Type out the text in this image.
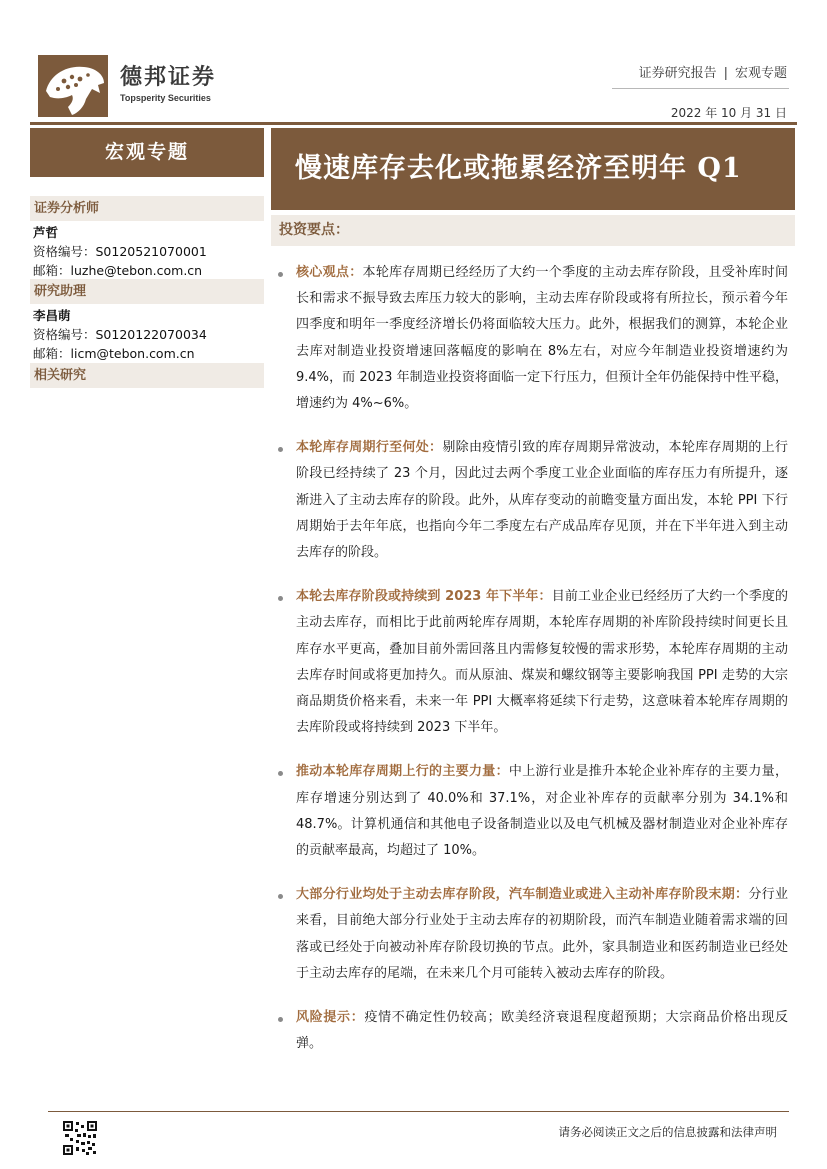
德邦证券
Topsperity Securities
证券研究报告 | 宏观专题
2022 年 10 月 31 日
宏观专题
慢速库存去化或拖累经济至明年 Q1
证券分析师
芦哲
资格编号：S0120521070001
邮箱：luzhe@tebon.com.cn
研究助理
李昌萌
资格编号：S0120122070034
邮箱：licm@tebon.com.cn
相关研究
投资要点：
核心观点：本轮库存周期已经经历了大约一个季度的主动去库存阶段，且受补库时间长和需求不振导致去库压力较大的影响，主动去库存阶段或将有所拉长，预示着今年四季度和明年一季度经济增长仍将面临较大压力。此外，根据我们的测算，本轮企业去库对制造业投资增速回落幅度的影响在 8%左右，对应今年制造业投资增速约为 9.4%，而 2023 年制造业投资将面临一定下行压力，但预计全年仍能保持中性平稳，增速约为 4%~6%。
本轮库存周期行至何处：剔除由疫情引致的库存周期异常波动，本轮库存周期的上行阶段已经持续了 23 个月，因此过去两个季度工业企业面临的库存压力有所提升，逐渐进入了主动去库存的阶段。此外，从库存变动的前瞻变量方面出发，本轮 PPI 下行周期始于去年年底，也指向今年二季度左右产成品库存见顶，并在下半年进入到主动去库存的阶段。
本轮去库存阶段或持续到 2023 年下半年：目前工业企业已经经历了大约一个季度的主动去库存，而相比于此前两轮库存周期，本轮库存周期的补库阶段持续时间更长且库存水平更高，叠加目前外需回落且内需修复较慢的需求形势，本轮库存周期的主动去库存时间或将更加持久。而从原油、煤炭和螺纹钢等主要影响我国 PPI 走势的大宗商品期货价格来看，未来一年 PPI 大概率将延续下行走势，这意味着本轮库存周期的去库阶段或将持续到 2023 下半年。
推动本轮库存周期上行的主要力量：中上游行业是推升本轮企业补库存的主要力量，库存增速分别达到了 40.0%和 37.1%，对企业补库存的贡献率分别为 34.1%和 48.7%。计算机通信和其他电子设备制造业以及电气机械及器材制造业对企业补库存的贡献率最高，均超过了 10%。
大部分行业均处于主动去库存阶段，汽车制造业或进入主动补库存阶段末期：分行业来看，目前绝大部分行业处于主动去库存的初期阶段，而汽车制造业随着需求端的回落或已经处于向被动补库存阶段切换的节点。此外，家具制造业和医药制造业已经处于主动去库存的尾端，在未来几个月可能转入被动去库存的阶段。
风险提示：疫情不确定性仍较高；欧美经济衰退程度超预期；大宗商品价格出现反弹。
请务必阅读正文之后的信息披露和法律声明
